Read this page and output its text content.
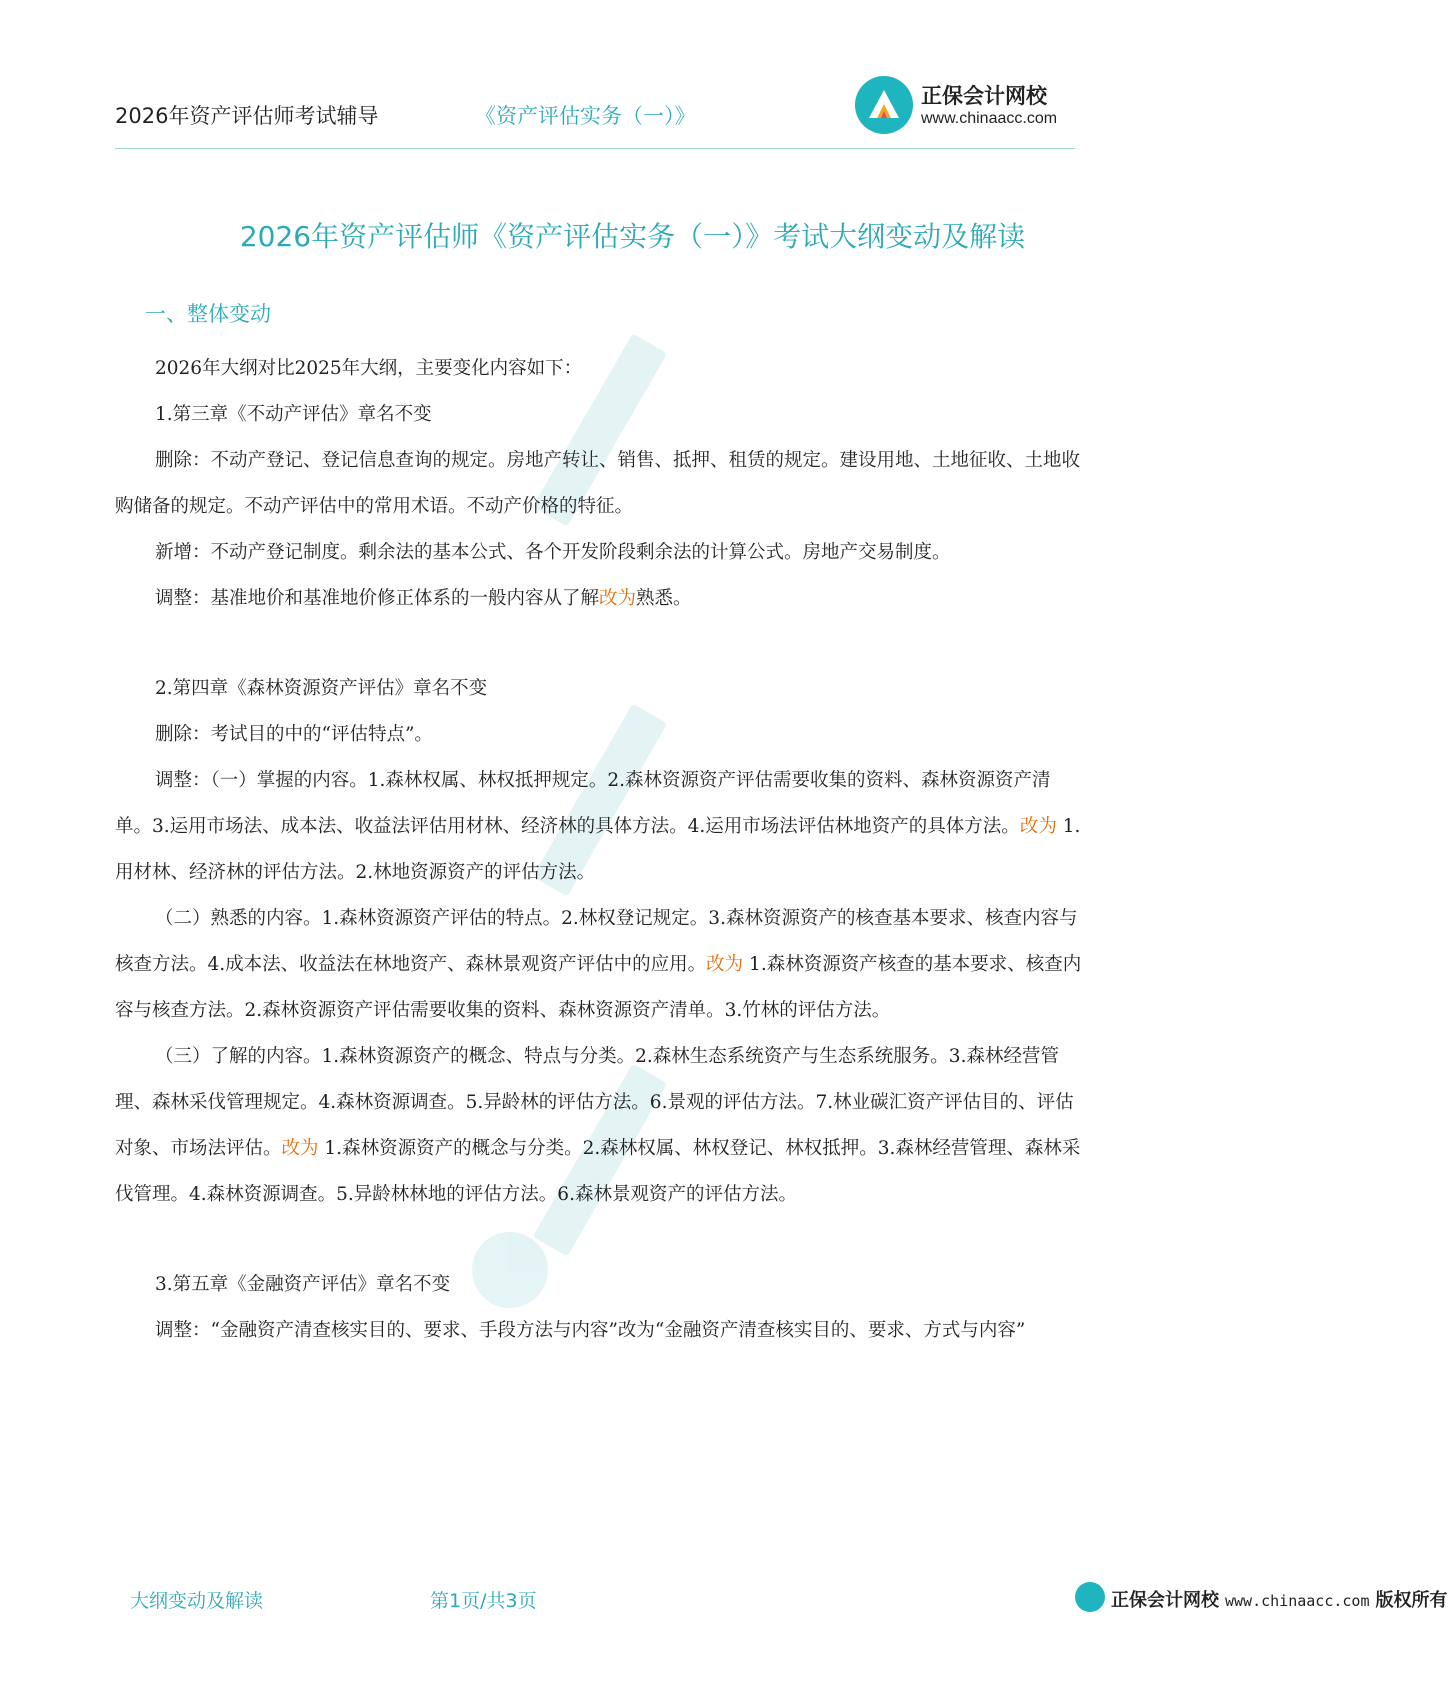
2026年资产评估师考试辅导	《资产评估实务（一）》
正保会计网校
www.chinaacc.com
2026年资产评估师《资产评估实务（一）》考试大纲变动及解读
一、整体变动

2026年大纲对比2025年大纲，主要变化内容如下：

1.第三章《不动产评估》章名不变

删除：不动产登记、登记信息查询的规定。房地产转让、销售、抵押、租赁的规定。建设用地、土地征收、土地收购储备的规定。不动产评估中的常用术语。不动产价格的特征。

新增：不动产登记制度。剩余法的基本公式、各个开发阶段剩余法的计算公式。房地产交易制度。

调整：基准地价和基准地价修正体系的一般内容从了解改为熟悉。

2.第四章《森林资源资产评估》章名不变

删除：考试目的中的“评估特点”。

调整：（一）掌握的内容。1.森林权属、林权抵押规定。2.森林资源资产评估需要收集的资料、森林资源资产清单。3.运用市场法、成本法、收益法评估用材林、经济林的具体方法。4.运用市场法评估林地资产的具体方法。改为 1.用材林、经济林的评估方法。2.林地资源资产的评估方法。

（二）熟悉的内容。1.森林资源资产评估的特点。2.林权登记规定。3.森林资源资产的核查基本要求、核查内容与核查方法。4.成本法、收益法在林地资产、森林景观资产评估中的应用。改为 1.森林资源资产核查的基本要求、核查内容与核查方法。2.森林资源资产评估需要收集的资料、森林资源资产清单。3.竹林的评估方法。

（三）了解的内容。1.森林资源资产的概念、特点与分类。2.森林生态系统资产与生态系统服务。3.森林经营管理、森林采伐管理规定。4.森林资源调查。5.异龄林的评估方法。6.景观的评估方法。7.林业碳汇资产评估目的、评估对象、市场法评估。改为 1.森林资源资产的概念与分类。2.森林权属、林权登记、林权抵押。3.森林经营管理、森林采伐管理。4.森林资源调查。5.异龄林林地的评估方法。6.森林景观资产的评估方法。

3.第五章《金融资产评估》章名不变

调整：“金融资产清查核实目的、要求、手段方法与内容”改为“金融资产清查核实目的、要求、方式与内容”

大纲变动及解读	第1页/共3页	正保会计网校 www.chinaacc.com 版权所有
